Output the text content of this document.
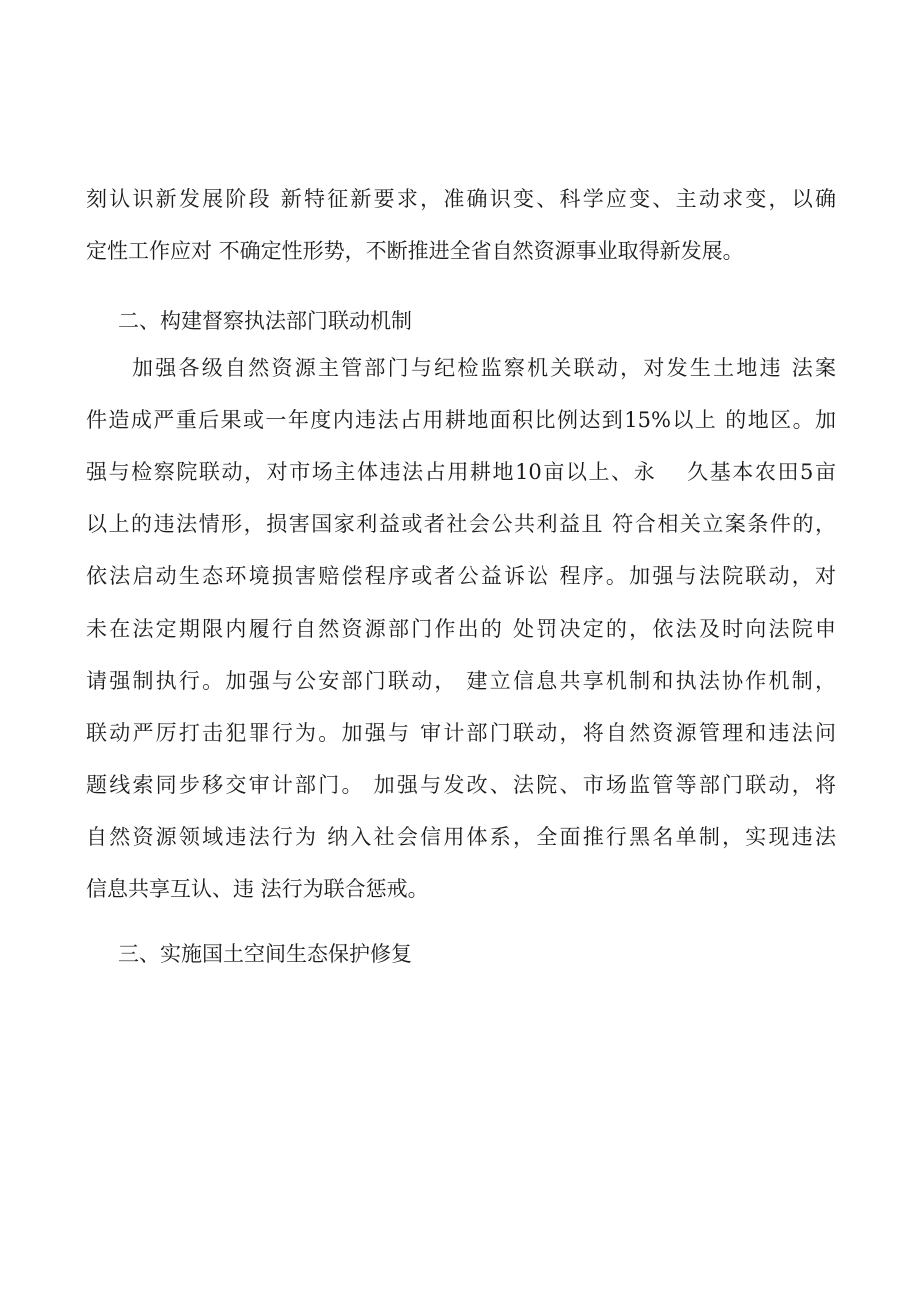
刻认识新发展阶段 新特征新要求，准确识变、科学应变、主动求变，以确
定性工作应对 不确定性形势，不断推进全省自然资源事业取得新发展。
二、构建督察执法部门联动机制
加强各级自然资源主管部门与纪检监察机关联动，对发生土地违 法案
件造成严重后果或一年度内违法占用耕地面积比例达到15%以上 的地区。加
强与检察院联动，对市场主体违法占用耕地10亩以上、永　 久基本农田5亩
以上的违法情形，损害国家利益或者社会公共利益且 符合相关立案条件的，
依法启动生态环境损害赔偿程序或者公益诉讼 程序。加强与法院联动，对
未在法定期限内履行自然资源部门作出的 处罚决定的，依法及时向法院申
请强制执行。加强与公安部门联动， 建立信息共享机制和执法协作机制，
联动严厉打击犯罪行为。加强与 审计部门联动，将自然资源管理和违法问
题线索同步移交审计部门。 加强与发改、法院、市场监管等部门联动，将
自然资源领域违法行为 纳入社会信用体系，全面推行黑名单制，实现违法
信息共享互认、违 法行为联合惩戒。
三、实施国土空间生态保护修复
